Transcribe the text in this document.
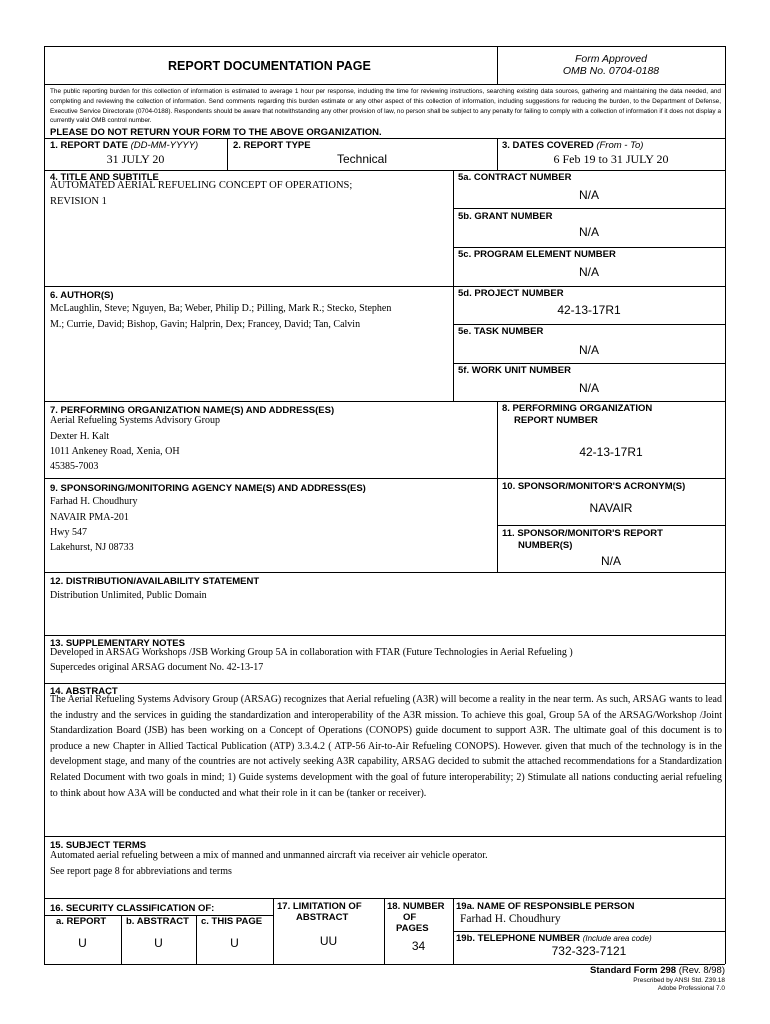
REPORT DOCUMENTATION PAGE	Form Approved
OMB No. 0704-0188
The public reporting burden for this collection of information is estimated to average 1 hour per response, including the time for reviewing instructions, searching existing data sources, gathering and maintaining the data needed, and completing and reviewing the collection of information. Send comments regarding this burden estimate or any other aspect of this collection of information, including suggestions for reducing the burden, to the Department of Defense, Executive Service Directorate (0704-0188). Respondents should be aware that notwithstanding any other provision of law, no person shall be subject to any penalty for failing to comply with a collection of information if it does not display a currently valid OMB control number.
PLEASE DO NOT RETURN YOUR FORM TO THE ABOVE ORGANIZATION.
1. REPORT DATE (DD-MM-YYYY)
31 JULY 20
2. REPORT TYPE
Technical
3. DATES COVERED (From - To)
6 Feb 19 to 31 JULY 20
4. TITLE AND SUBTITLE
AUTOMATED AERIAL REFUELING CONCEPT OF OPERATIONS;
REVISION 1
5a. CONTRACT NUMBER
N/A
5b. GRANT NUMBER
N/A
5c. PROGRAM ELEMENT NUMBER
N/A
5d. PROJECT NUMBER
42-13-17R1
5e. TASK NUMBER
N/A
5f. WORK UNIT NUMBER
N/A
6. AUTHOR(S)
McLaughlin, Steve; Nguyen, Ba; Weber, Philip D.; Pilling, Mark R.; Stecko, Stephen
M.; Currie, David; Bishop, Gavin; Halprin, Dex; Francey, David; Tan, Calvin
7. PERFORMING ORGANIZATION NAME(S) AND ADDRESS(ES)
Aerial Refueling Systems Advisory Group
Dexter H. Kalt
1011 Ankeney Road, Xenia, OH
45385-7003
8. PERFORMING ORGANIZATION
REPORT NUMBER
42-13-17R1
9. SPONSORING/MONITORING AGENCY NAME(S) AND ADDRESS(ES)
Farhad H. Choudhury
NAVAIR PMA-201
Hwy 547
Lakehurst, NJ 08733
10. SPONSOR/MONITOR'S ACRONYM(S)
NAVAIR
11. SPONSOR/MONITOR'S REPORT
NUMBER(S)
N/A
12. DISTRIBUTION/AVAILABILITY STATEMENT
Distribution Unlimited, Public Domain
13. SUPPLEMENTARY NOTES
Developed in ARSAG Workshops /JSB Working Group 5A in collaboration with FTAR (Future Technologies in Aerial Refueling )
Supercedes original ARSAG document No. 42-13-17
14. ABSTRACT
The Aerial Refueling Systems Advisory Group (ARSAG) recognizes that Aerial refueling (A3R) will become a reality in the near term. As such, ARSAG wants to lead the industry and the services in guiding the standardization and interoperability of the A3R mission. To achieve this goal, Group 5A of the ARSAG/Workshop /Joint Standardization Board (JSB) has been working on a Concept of Operations (CONOPS) guide document to support A3R. The ultimate goal of this document is to produce a new Chapter in Allied Tactical Publication (ATP) 3.3.4.2 ( ATP-56 Air-to-Air Refueling CONOPS). However. given that much of the technology is in the development stage, and many of the countries are not actively seeking A3R capability, ARSAG decided to submit the attached recommendations for a Standardization Related Document with two goals in mind; 1) Guide systems development with the goal of future interoperability; 2) Stimulate all nations conducting aerial refueling to think about how A3A will be conducted and what their role in it can be (tanker or receiver).
15. SUBJECT TERMS
Automated aerial refueling between a mix of manned and unmanned aircraft via receiver air vehicle operator.
See report page 8 for abbreviations and terms
16. SECURITY CLASSIFICATION OF:
a. REPORT b. ABSTRACT c. THIS PAGE
U	U	U
17. LIMITATION OF
ABSTRACT
UU
18. NUMBER
OF
PAGES
34
19a. NAME OF RESPONSIBLE PERSON
Farhad H. Choudhury
19b. TELEPHONE NUMBER (Include area code)
732-323-7121
Standard Form 298 (Rev. 8/98)
Prescribed by ANSI Std. Z39.18
Adobe Professional 7.0
